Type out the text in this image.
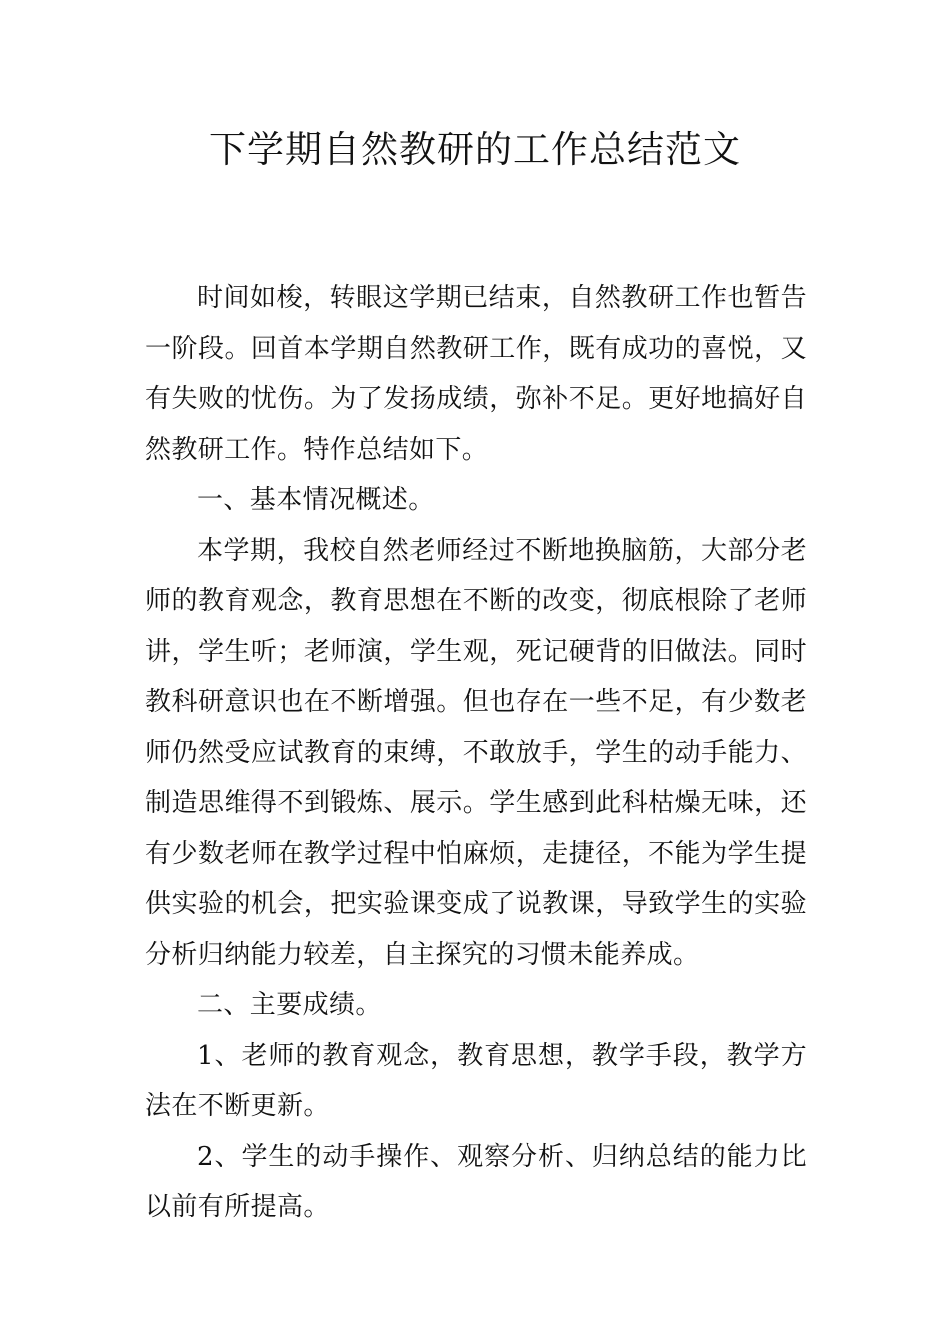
下学期自然教研的工作总结范文

时间如梭，转眼这学期已结束，自然教研工作也暂告一阶段。回首本学期自然教研工作，既有成功的喜悦，又有失败的忧伤。为了发扬成绩，弥补不足。更好地搞好自然教研工作。特作总结如下。

一、基本情况概述。

本学期，我校自然老师经过不断地换脑筋，大部分老师的教育观念，教育思想在不断的改变，彻底根除了老师讲，学生听；老师演，学生观，死记硬背的旧做法。同时教科研意识也在不断增强。但也存在一些不足，有少数老师仍然受应试教育的束缚，不敢放手，学生的动手能力、制造思维得不到锻炼、展示。学生感到此科枯燥无味，还有少数老师在教学过程中怕麻烦，走捷径，不能为学生提供实验的机会，把实验课变成了说教课，导致学生的实验分析归纳能力较差，自主探究的习惯未能养成。

二、主要成绩。

1、老师的教育观念，教育思想，教学手段，教学方法在不断更新。

2、学生的动手操作、观察分析、归纳总结的能力比以前有所提高。
